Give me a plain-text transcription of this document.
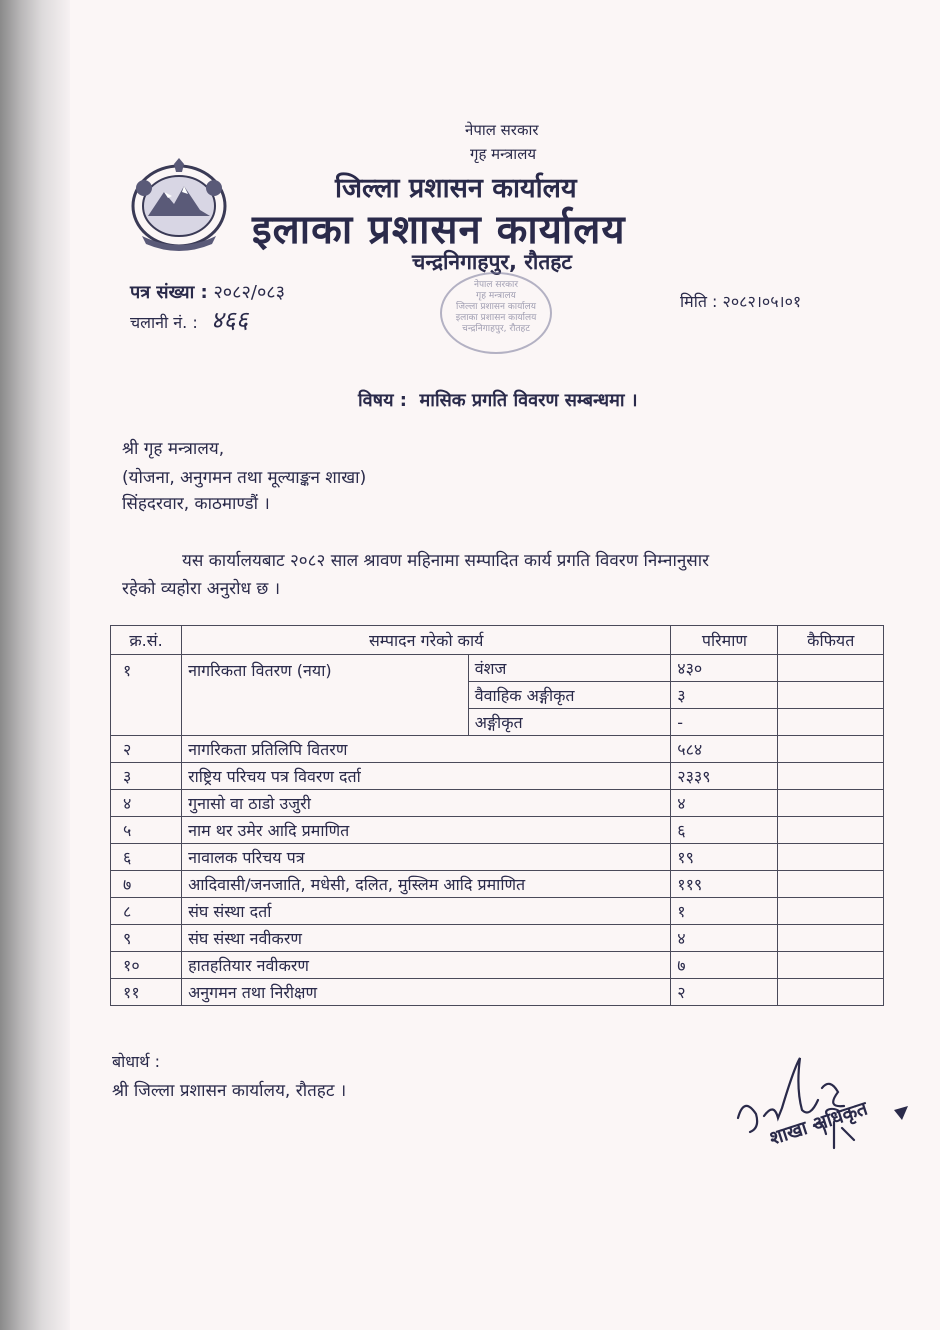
नेपाल सरकार
गृह मन्त्रालय
जिल्ला प्रशासन कार्यालय
इलाका प्रशासन कार्यालय
चन्द्रनिगाहपुर, रौतहट
नेपाल सरकार
गृह मन्त्रालय
जिल्ला प्रशासन कार्यालय
इलाका प्रशासन कार्यालय
चन्द्रनिगाहपुर, रौतहट
पत्र संख्या : २०८२/०८३
चलानी नं. : ४६६
मिति : २०८२।०५।०१
विषय : मासिक प्रगति विवरण सम्बन्धमा ।
श्री गृह मन्त्रालय,
(योजना, अनुगमन तथा मूल्याङ्कन शाखा)
सिंहदरवार, काठमाण्डौं ।
यस कार्यालयबाट २०८२ साल श्रावण महिनामा सम्पादित कार्य प्रगति विवरण निम्नानुसार
रहेको व्यहोरा अनुरोध छ ।
क्र.सं.	सम्पादन गरेको कार्य		परिमाण	कैफियत
१	नागरिकता वितरण (नया)	वंशज	४३०	
		वैवाहिक अङ्गीकृत	३	
		अङ्गीकृत	-	
२	नागरिकता प्रतिलिपि वितरण		५८४	
३	राष्ट्रिय परिचय पत्र विवरण दर्ता		२३३९	
४	गुनासो वा ठाडो उजुरी		४	
५	नाम थर उमेर आदि प्रमाणित		६	
६	नावालक परिचय पत्र		१९	
७	आदिवासी/जनजाति, मधेसी, दलित, मुस्लिम आदि प्रमाणित		११९	
८	संघ संस्था दर्ता		१	
९	संघ संस्था नवीकरण		४	
१०	हातहतियार नवीकरण		७	
११	अनुगमन तथा निरीक्षण		२	
बोधार्थ :
श्री जिल्ला प्रशासन कार्यालय, रौतहट ।
शाखा अधिकृत
